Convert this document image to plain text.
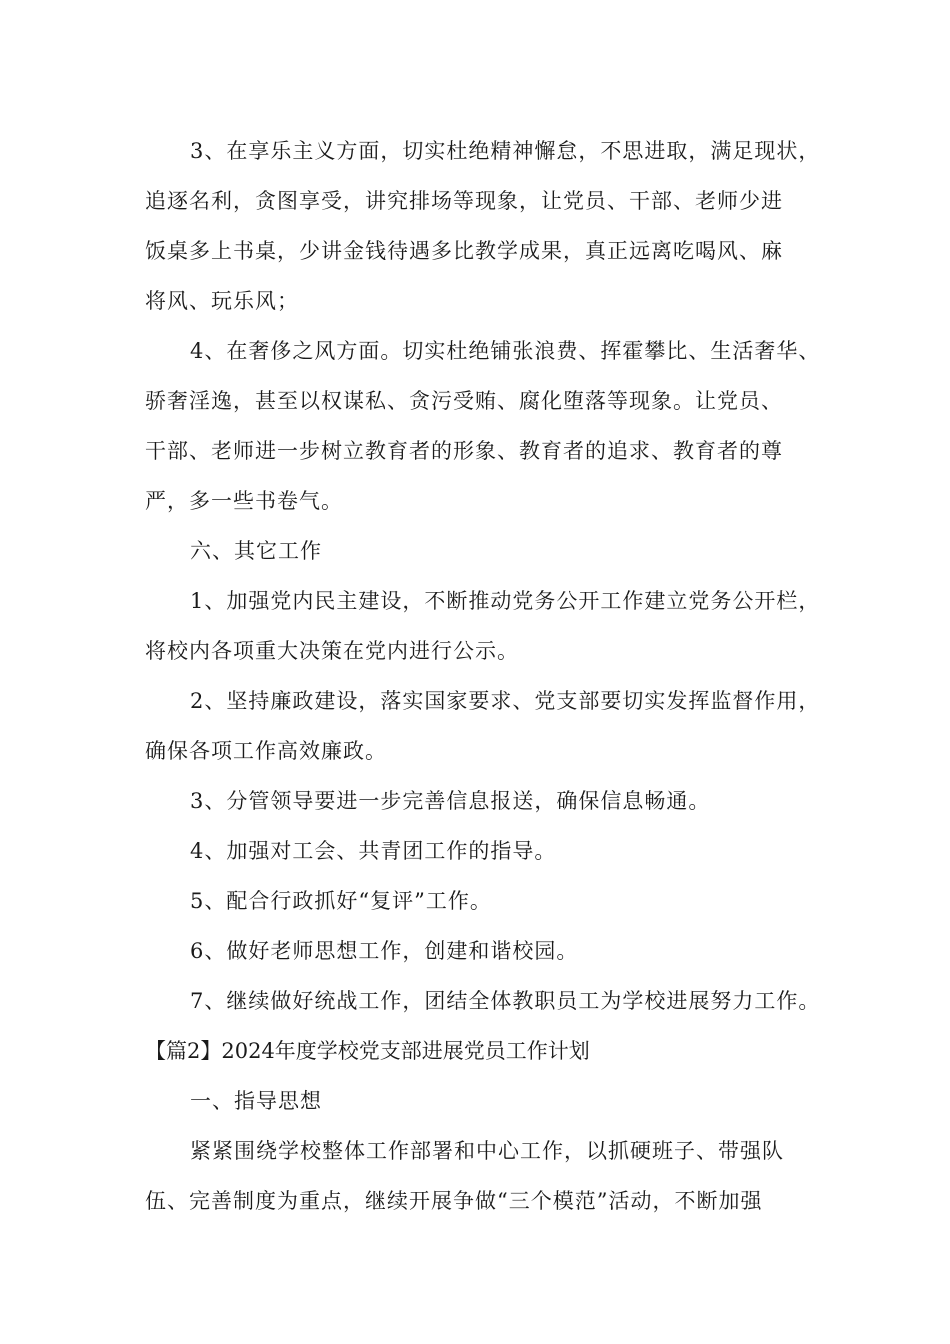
3、在享乐主义方面，切实杜绝精神懈怠，不思进取，满足现状，
追逐名利，贪图享受，讲究排场等现象，让党员、干部、老师少进
饭桌多上书桌，少讲金钱待遇多比教学成果，真正远离吃喝风、麻
将风、玩乐风；
4、在奢侈之风方面。切实杜绝铺张浪费、挥霍攀比、生活奢华、
骄奢淫逸，甚至以权谋私、贪污受贿、腐化堕落等现象。让党员、
干部、老师进一步树立教育者的形象、教育者的追求、教育者的尊
严，多一些书卷气。
六、其它工作
1、加强党内民主建设，不断推动党务公开工作建立党务公开栏，
将校内各项重大决策在党内进行公示。
2、坚持廉政建设，落实国家要求、党支部要切实发挥监督作用，
确保各项工作高效廉政。
3、分管领导要进一步完善信息报送，确保信息畅通。
4、加强对工会、共青团工作的指导。
5、配合行政抓好“复评”工作。
6、做好老师思想工作，创建和谐校园。
7、继续做好统战工作，团结全体教职员工为学校进展努力工作。
【篇2】2024年度学校党支部进展党员工作计划
一、指导思想
紧紧围绕学校整体工作部署和中心工作，以抓硬班子、带强队
伍、完善制度为重点，继续开展争做“三个模范”活动，不断加强
